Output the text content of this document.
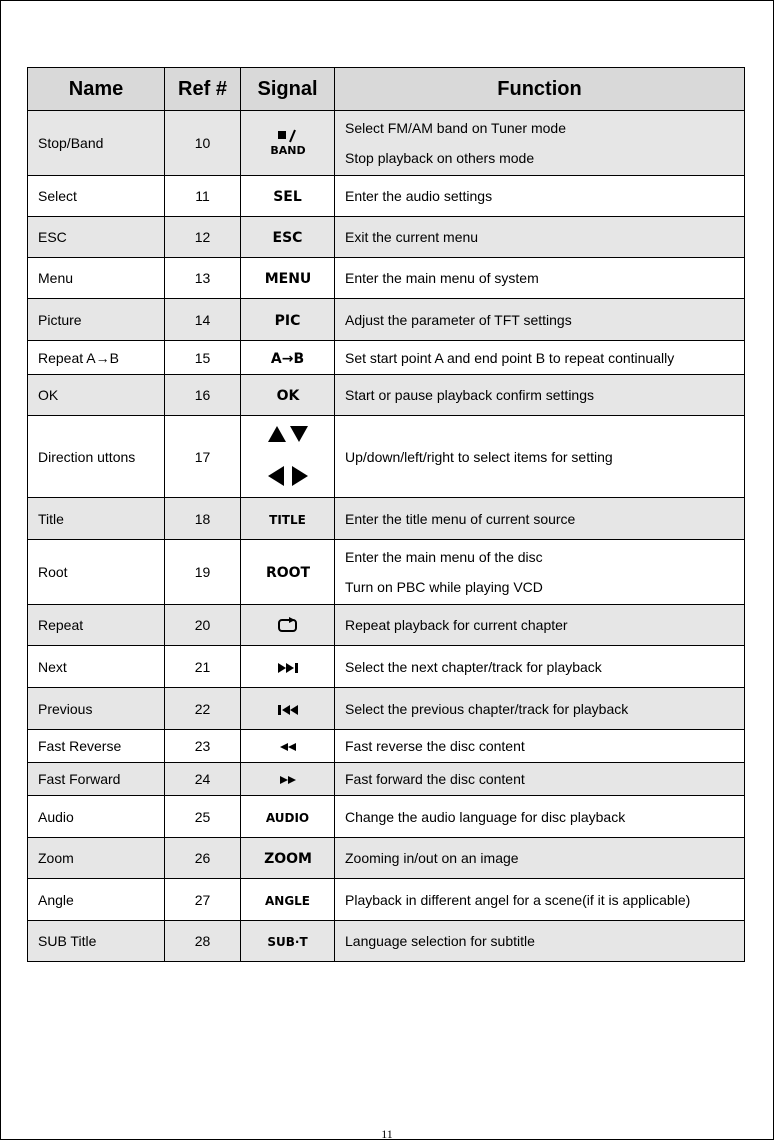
Name	Ref #	Signal	Function
Stop/Band	10	BAND	Select FM/AM band on Tuner mode
Stop playback on others mode

Select	11	SEL	Enter the audio settings

ESC	12	ESC	Exit the current menu

Menu	13	MENU	Enter the main menu of system

Picture	14	PIC	Adjust the parameter of TFT settings

Repeat A→B	15	A→B	Set start point A and end point B to repeat continually

OK	16	OK	Start or pause playback confirm settings

Direction uttons	17		Up/down/left/right to select items for setting

Title	18	TITLE	Enter the title menu of current source

Root	19	ROOT	Enter the main menu of the disc
Turn on PBC while playing VCD

Repeat	20		Repeat playback for current chapter

Next	21		Select the next chapter/track for playback

Previous	22		Select the previous chapter/track for playback

Fast Reverse	23		Fast reverse the disc content

Fast Forward	24		Fast forward the disc content

Audio	25	AUDIO	Change the audio language for disc playback

Zoom	26	ZOOM	Zooming in/out on an image

Angle	27	ANGLE	Playback in different angel for a scene(if it is applicable)

SUB Title	28	SUB·T	Language selection for subtitle
11
